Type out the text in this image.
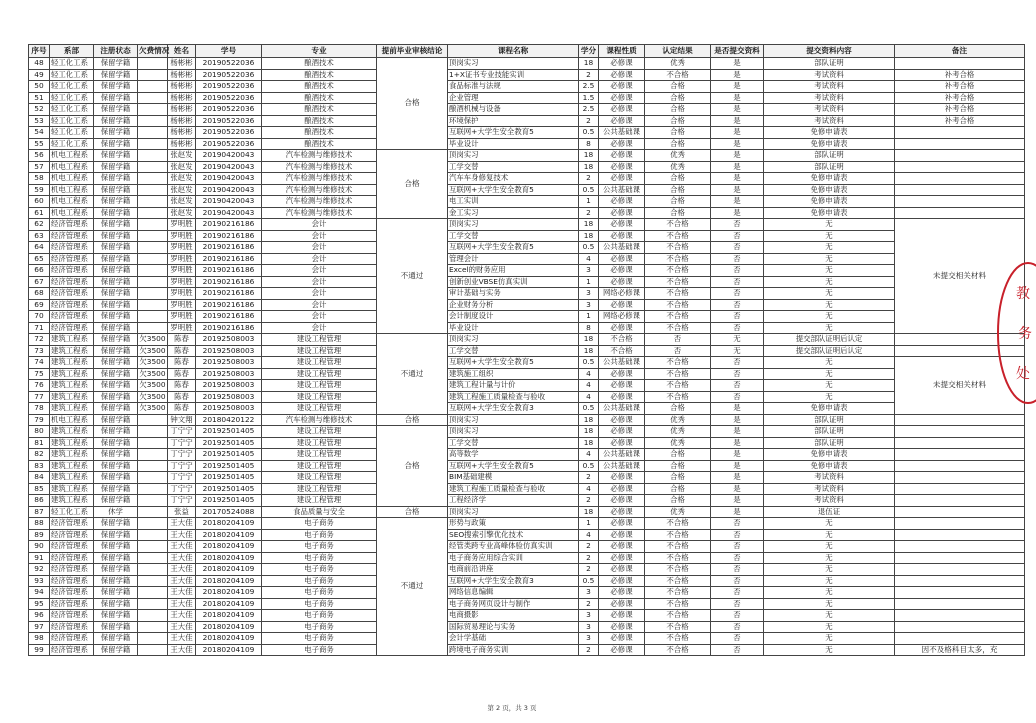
序号	系部	注册状态	欠费情况	姓名	学号	专业	提前毕业审核结论	课程名称	学分	课程性质	认定结果	是否提交资料	提交资料内容	备注
48	轻工化工系	保留学籍		杨彬彬	20190522036	酿酒技术	合格	顶岗实习	18	必修课	优秀	是	部队证明	
49	轻工化工系	保留学籍		杨彬彬	20190522036	酿酒技术		1+X证书专业技能实训	2	必修课	不合格	是	考试资料	补考合格
50	轻工化工系	保留学籍		杨彬彬	20190522036	酿酒技术		食品标准与法规	2.5	必修课	合格	是	考试资料	补考合格
51	轻工化工系	保留学籍		杨彬彬	20190522036	酿酒技术		企业管理	1.5	必修课	合格	是	考试资料	补考合格
52	轻工化工系	保留学籍		杨彬彬	20190522036	酿酒技术		酿酒机械与设备	2.5	必修课	合格	是	考试资料	补考合格
53	轻工化工系	保留学籍		杨彬彬	20190522036	酿酒技术		环境保护	2	必修课	合格	是	考试资料	补考合格
54	轻工化工系	保留学籍		杨彬彬	20190522036	酿酒技术		互联网+大学生安全教育5	0.5	公共基础课	合格	是	免修申请表	
55	轻工化工系	保留学籍		杨彬彬	20190522036	酿酒技术		毕业设计	8	必修课	合格	是	免修申请表	
56	机电工程系	保留学籍		张赵发	20190420043	汽车检测与维修技术	合格	顶岗实习	18	必修课	优秀	是	部队证明	
57	机电工程系	保留学籍		张赵发	20190420043	汽车检测与维修技术		工学交替	18	必修课	优秀	是	部队证明	
58	机电工程系	保留学籍		张赵发	20190420043	汽车检测与维修技术		汽车车身修复技术	2	必修课	合格	是	免修申请表	
59	机电工程系	保留学籍		张赵发	20190420043	汽车检测与维修技术		互联网+大学生安全教育5	0.5	公共基础课	合格	是	免修申请表	
60	机电工程系	保留学籍		张赵发	20190420043	汽车检测与维修技术		电工实训	1	必修课	合格	是	免修申请表	
61	机电工程系	保留学籍		张赵发	20190420043	汽车检测与维修技术		金工实习	2	必修课	合格	是	免修申请表	
62	经济管理系	保留学籍		罗明胜	20190216186	会计	不通过	顶岗实习	18	必修课	不合格	否	无	未提交相关材料
63	经济管理系	保留学籍		罗明胜	20190216186	会计		工学交替	18	必修课	不合格	否	无	
64	经济管理系	保留学籍		罗明胜	20190216186	会计		互联网+大学生安全教育5	0.5	公共基础课	不合格	否	无	
65	经济管理系	保留学籍		罗明胜	20190216186	会计		管理会计	4	必修课	不合格	否	无	
66	经济管理系	保留学籍		罗明胜	20190216186	会计		Excel的财务应用	3	必修课	不合格	否	无	
67	经济管理系	保留学籍		罗明胜	20190216186	会计		创新创业VBSE仿真实训	1	必修课	不合格	否	无	
68	经济管理系	保留学籍		罗明胜	20190216186	会计		审计基础与实务	3	网络必修课	不合格	否	无	
69	经济管理系	保留学籍		罗明胜	20190216186	会计		企业财务分析	3	必修课	不合格	否	无	
70	经济管理系	保留学籍		罗明胜	20190216186	会计		会计制度设计	1	网络必修课	不合格	否	无	
71	经济管理系	保留学籍		罗明胜	20190216186	会计		毕业设计	8	必修课	不合格	否	无	
72	建筑工程系	保留学籍	欠3500	陈春	20192508003	建设工程管理	不通过	顶岗实习	18	不合格	否	无	提交部队证明后认定	
73	建筑工程系	保留学籍	欠3500	陈春	20192508003	建设工程管理		工学交替	18	不合格	否	无	提交部队证明后认定	
74	建筑工程系	保留学籍	欠3500	陈春	20192508003	建设工程管理		互联网+大学生安全教育5	0.5	公共基础课	不合格	否	无	未提交相关材料
75	建筑工程系	保留学籍	欠3500	陈春	20192508003	建设工程管理		建筑施工组织	4	必修课	不合格	否	无	
76	建筑工程系	保留学籍	欠3500	陈春	20192508003	建设工程管理		建筑工程计量与计价	4	必修课	不合格	否	无	
77	建筑工程系	保留学籍	欠3500	陈春	20192508003	建设工程管理		建筑工程施工质量检查与验收	4	必修课	不合格	否	无	
78	建筑工程系	保留学籍	欠3500	陈春	20192508003	建设工程管理		互联网+大学生安全教育3	0.5	公共基础课	合格	是	免修申请表	
79	机电工程系	保留学籍		钟文翔	20180420122	汽车检测与维修技术	合格	顶岗实习	18	必修课	优秀	是	部队证明	
80	建筑工程系	保留学籍		丁宁宁	20192501405	建设工程管理	合格	顶岗实习	18	必修课	优秀	是	部队证明	
81	建筑工程系	保留学籍		丁宁宁	20192501405	建设工程管理		工学交替	18	必修课	优秀	是	部队证明	
82	建筑工程系	保留学籍		丁宁宁	20192501405	建设工程管理		高等数学	4	公共基础课	合格	是	免修申请表	
83	建筑工程系	保留学籍		丁宁宁	20192501405	建设工程管理		互联网+大学生安全教育5	0.5	公共基础课	合格	是	免修申请表	
84	建筑工程系	保留学籍		丁宁宁	20192501405	建设工程管理		BIM基础建模	2	必修课	合格	是	考试资料	
85	建筑工程系	保留学籍		丁宁宁	20192501405	建设工程管理		建筑工程施工质量检查与验收	4	必修课	合格	是	考试资料	
86	建筑工程系	保留学籍		丁宁宁	20192501405	建设工程管理		工程经济学	2	必修课	合格	是	考试资料	
87	轻工化工系	休学		张益	20170524088	食品质量与安全	合格	顶岗实习	18	必修课	优秀	是	退伍证	
88	经济管理系	保留学籍		王大佳	20180204109	电子商务	不通过	形势与政策	1	必修课	不合格	否	无	
89	经济管理系	保留学籍		王大佳	20180204109	电子商务		SEO搜索引擎优化技术	4	必修课	不合格	否	无	
90	经济管理系	保留学籍		王大佳	20180204109	电子商务		经管类跨专业高峰体验仿真实训	2	必修课	不合格	否	无	
91	经济管理系	保留学籍		王大佳	20180204109	电子商务		电子商务应用综合实训	2	必修课	不合格	否	无	
92	经济管理系	保留学籍		王大佳	20180204109	电子商务		电商前沿讲座	2	必修课	不合格	否	无	
93	经济管理系	保留学籍		王大佳	20180204109	电子商务		互联网+大学生安全教育3	0.5	必修课	不合格	否	无	
94	经济管理系	保留学籍		王大佳	20180204109	电子商务		网络信息编辑	3	必修课	不合格	否	无	
95	经济管理系	保留学籍		王大佳	20180204109	电子商务		电子商务网页设计与制作	2	必修课	不合格	否	无	
96	经济管理系	保留学籍		王大佳	20180204109	电子商务		电商摄影	3	必修课	不合格	否	无	
97	经济管理系	保留学籍		王大佳	20180204109	电子商务		国际贸易理论与实务	3	必修课	不合格	否	无	
98	经济管理系	保留学籍		王大佳	20180204109	电子商务		会计学基础	3	必修课	不合格	否	无	
99	经济管理系	保留学籍		王大佳	20180204109	电子商务		跨境电子商务实训	2	必修课	不合格	否	无	因不及格科目太多，充
教
务
处
第 2 页，共 3 页
